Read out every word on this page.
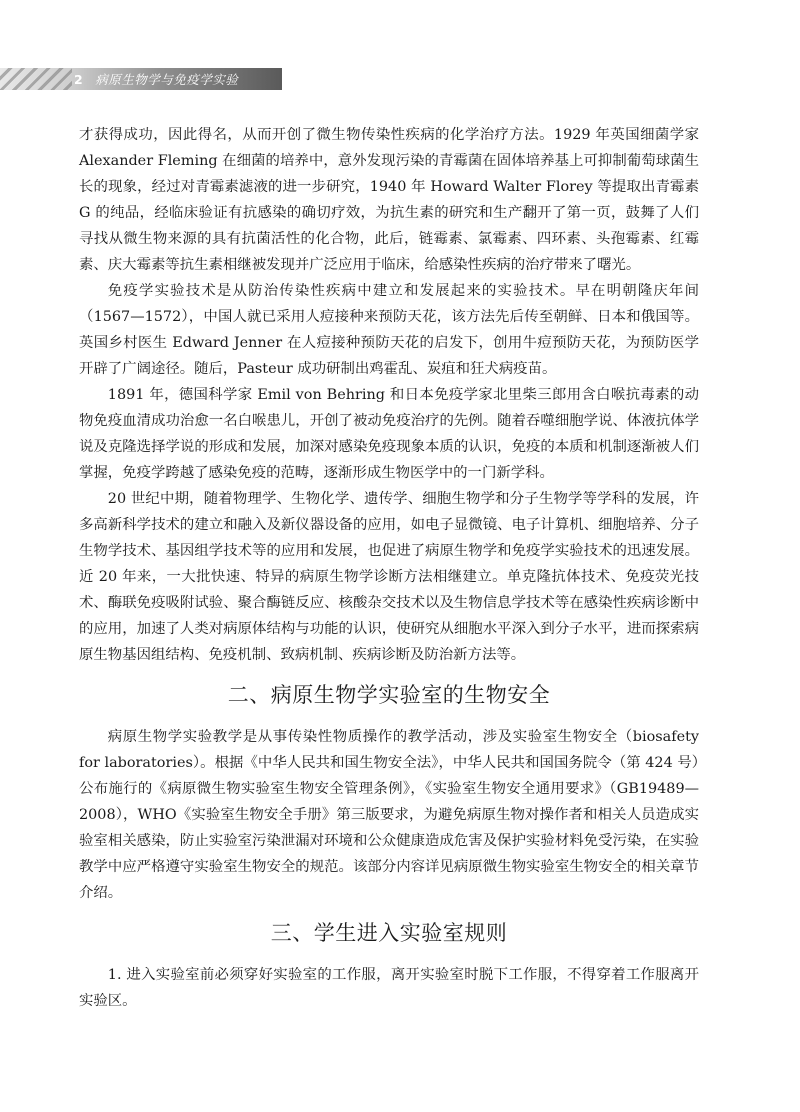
2 病原生物学与免疫学实验

才获得成功，因此得名，从而开创了微生物传染性疾病的化学治疗方法。1929 年英国细菌学家 Alexander Fleming 在细菌的培养中，意外发现污染的青霉菌在固体培养基上可抑制葡萄球菌生长的现象，经过对青霉素滤液的进一步研究，1940 年 Howard Walter Florey 等提取出青霉素 G 的纯品，经临床验证有抗感染的确切疗效，为抗生素的研究和生产翻开了第一页，鼓舞了人们寻找从微生物来源的具有抗菌活性的化合物，此后，链霉素、氯霉素、四环素、头孢霉素、红霉素、庆大霉素等抗生素相继被发现并广泛应用于临床，给感染性疾病的治疗带来了曙光。

免疫学实验技术是从防治传染性疾病中建立和发展起来的实验技术。早在明朝隆庆年间（1567—1572），中国人就已采用人痘接种来预防天花，该方法先后传至朝鲜、日本和俄国等。英国乡村医生 Edward Jenner 在人痘接种预防天花的启发下，创用牛痘预防天花，为预防医学开辟了广阔途径。随后，Pasteur 成功研制出鸡霍乱、炭疽和狂犬病疫苗。

1891 年，德国科学家 Emil von Behring 和日本免疫学家北里柴三郎用含白喉抗毒素的动物免疫血清成功治愈一名白喉患儿，开创了被动免疫治疗的先例。随着吞噬细胞学说、体液抗体学说及克隆选择学说的形成和发展，加深对感染免疫现象本质的认识，免疫的本质和机制逐渐被人们掌握，免疫学跨越了感染免疫的范畴，逐渐形成生物医学中的一门新学科。

20 世纪中期，随着物理学、生物化学、遗传学、细胞生物学和分子生物学等学科的发展，许多高新科学技术的建立和融入及新仪器设备的应用，如电子显微镜、电子计算机、细胞培养、分子生物学技术、基因组学技术等的应用和发展，也促进了病原生物学和免疫学实验技术的迅速发展。近 20 年来，一大批快速、特异的病原生物学诊断方法相继建立。单克隆抗体技术、免疫荧光技术、酶联免疫吸附试验、聚合酶链反应、核酸杂交技术以及生物信息学技术等在感染性疾病诊断中的应用，加速了人类对病原体结构与功能的认识，使研究从细胞水平深入到分子水平，进而探索病原生物基因组结构、免疫机制、致病机制、疾病诊断及防治新方法等。

二、病原生物学实验室的生物安全

病原生物学实验教学是从事传染性物质操作的教学活动，涉及实验室生物安全（biosafety for laboratories）。根据《中华人民共和国生物安全法》，中华人民共和国国务院令（第 424 号）公布施行的《病原微生物实验室生物安全管理条例》，《实验室生物安全通用要求》（GB19489—2008），WHO《实验室生物安全手册》第三版要求，为避免病原生物对操作者和相关人员造成实验室相关感染，防止实验室污染泄漏对环境和公众健康造成危害及保护实验材料免受污染，在实验教学中应严格遵守实验室生物安全的规范。该部分内容详见病原微生物实验室生物安全的相关章节介绍。

三、学生进入实验室规则

1. 进入实验室前必须穿好实验室的工作服，离开实验室时脱下工作服，不得穿着工作服离开实验区。
